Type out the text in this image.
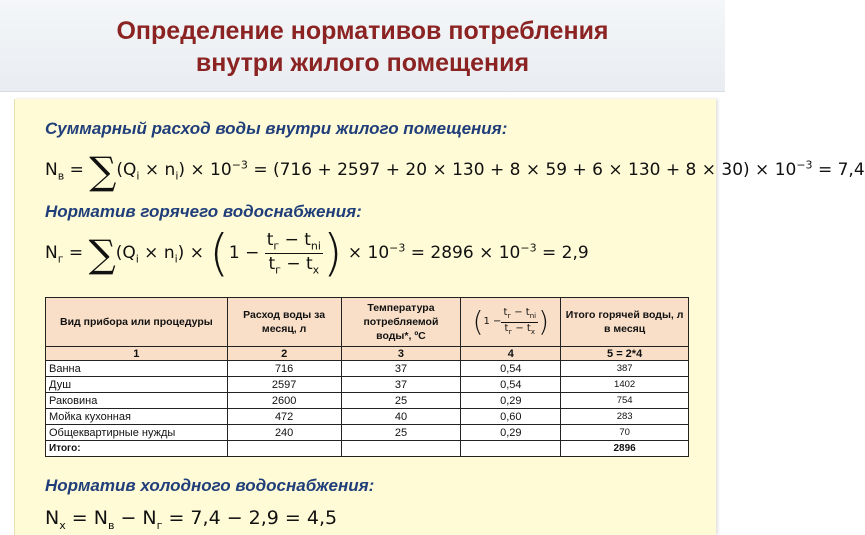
Определение нормативов потребления
внутри жилого помещения
Суммарный расход воды внутри жилого помещения:
$N_в = \sum(Q_i \times n_i) \times 10^{-3} = (716 + 2597 + 20 \times 130 + 8 \times 59 + 6 \times 130 + 8 \times 30) \times 10^{-3} = 7,4$
Норматив горячего водоснабжения:
$N_г = \sum(Q_i \times n_i) \times (1 - \frac{t_г - t_{ni}}{t_г - t_х}$ ) × $10^{-3} = 2896 \times 10^{-3} = 2,9$
Вид прибора или процедуры	Расход воды за месяц, л	Температура потребляемой воды*, ºС	( $1 - \frac{t_г - t_{ni}}{t_г - t_х}$ )	Итого горячей воды, л в месяц
1	2	3	4	5 = 2*4
Ванна	716	37	0,54	387
Душ	2597	37	0,54	1402
Раковина	2600	25	0,29	754
Мойка кухонная	472	40	0,60	283
Общеквартирные нужды	240	25	0,29	70
Итого:				2896
Норматив холодного водоснабжения:
$N_х = N_в - N_г = 7,4 - 2,9 = 4,5$
